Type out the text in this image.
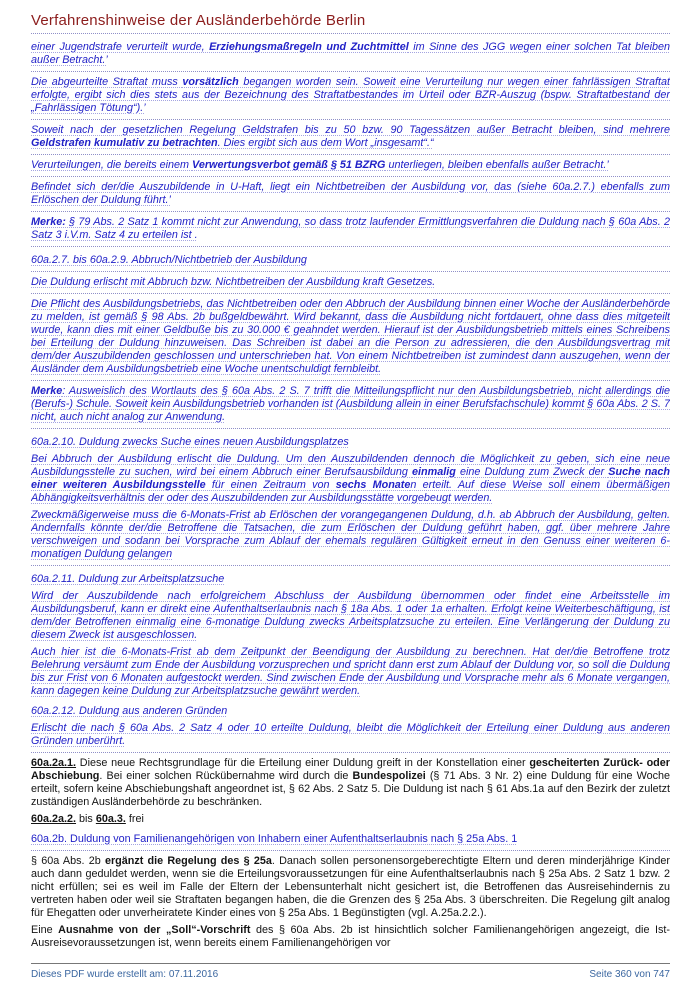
Verfahrenshinweise der Ausländerbehörde Berlin

einer Jugendstrafe verurteilt wurde, Erziehungsmaßregeln und Zuchtmittel im Sinne des JGG wegen einer solchen Tat bleiben außer Betracht.’

Die abgeurteilte Straftat muss vorsätzlich begangen worden sein. Soweit eine Verurteilung nur wegen einer fahrlässigen Straftat erfolgte, ergibt sich dies stets aus der Bezeichnung des Straftatbestandes im Urteil oder BZR-Auszug (bspw. Straftatbestand der „Fahrlässigen Tötung“).’

Soweit nach der gesetzlichen Regelung Geldstrafen bis zu 50 bzw. 90 Tagessätzen außer Betracht bleiben, sind mehrere Geldstrafen kumulativ zu betrachten. Dies ergibt sich aus dem Wort „insgesamt“.“

Verurteilungen, die bereits einem Verwertungsverbot gemäß § 51 BZRG unterliegen, bleiben ebenfalls außer Betracht.’

Befindet sich der/die Auszubildende in U-Haft, liegt ein Nichtbetreiben der Ausbildung vor, das (siehe 60a.2.7.) ebenfalls zum Erlöschen der Duldung führt.’

Merke: § 79 Abs. 2 Satz 1 kommt nicht zur Anwendung, so dass trotz laufender Ermittlungsverfahren die Duldung nach § 60a Abs. 2 Satz 3 i.V.m. Satz 4 zu erteilen ist .

60a.2.7. bis 60a.2.9. Abbruch/Nichtbetrieb der Ausbildung

Die Duldung erlischt mit Abbruch bzw. Nichtbetreiben der Ausbildung kraft Gesetzes.

Die Pflicht des Ausbildungsbetriebs, das Nichtbetreiben oder den Abbruch der Ausbildung binnen einer Woche der Ausländerbehörde zu melden, ist gemäß § 98 Abs. 2b bußgeldbewährt. Wird bekannt, dass die Ausbildung nicht fortdauert, ohne dass dies mitgeteilt wurde, kann dies mit einer Geldbuße bis zu 30.000 € geahndet werden. Hierauf ist der Ausbildungsbetrieb mittels eines Schreibens bei Erteilung der Duldung hinzuweisen. Das Schreiben ist dabei an die Person zu adressieren, die den Ausbildungsvertrag mit dem/der Auszubildenden geschlossen und unterschrieben hat. Von einem Nichtbetreiben ist zumindest dann auszugehen, wenn der Ausländer dem Ausbildungsbetrieb eine Woche unentschuldigt fernbleibt.

Merke: Ausweislich des Wortlauts des § 60a Abs. 2 S. 7 trifft die Mitteilungspflicht nur den Ausbildungsbetrieb, nicht allerdings die (Berufs-) Schule. Soweit kein Ausbildungsbetrieb vorhanden ist (Ausbildung allein in einer Berufsfachschule) kommt § 60a Abs. 2 S. 7 nicht, auch nicht analog zur Anwendung.

60a.2.10. Duldung zwecks Suche eines neuen Ausbildungsplatzes

Bei Abbruch der Ausbildung erlischt die Duldung. Um den Auszubildenden dennoch die Möglichkeit zu geben, sich eine neue Ausbildungsstelle zu suchen, wird bei einem Abbruch einer Berufsausbildung einmalig eine Duldung zum Zweck der Suche nach einer weiteren Ausbildungsstelle für einen Zeitraum von sechs Monaten erteilt. Auf diese Weise soll einem übermäßigen Abhängigkeitsverhältnis der oder des Auszubildenden zur Ausbildungsstätte vorgebeugt werden.

Zweckmäßigerweise muss die 6-Monats-Frist ab Erlöschen der vorangegangenen Duldung, d.h. ab Abbruch der Ausbildung, gelten. Andernfalls könnte der/die Betroffene die Tatsachen, die zum Erlöschen der Duldung geführt haben, ggf. über mehrere Jahre verschweigen und sodann bei Vorsprache zum Ablauf der ehemals regulären Gültigkeit erneut in den Genuss einer weiteren 6-monatigen Duldung gelangen

60a.2.11. Duldung zur Arbeitsplatzsuche

Wird der Auszubildende nach erfolgreichem Abschluss der Ausbildung übernommen oder findet eine Arbeitsstelle im Ausbildungsberuf, kann er direkt eine Aufenthaltserlaubnis nach § 18a Abs. 1 oder 1a erhalten. Erfolgt keine Weiterbeschäftigung, ist dem/der Betroffenen einmalig eine 6-monatige Duldung zwecks Arbeitsplatzsuche zu erteilen. Eine Verlängerung der Duldung zu diesem Zweck ist ausgeschlossen.

Auch hier ist die 6-Monats-Frist ab dem Zeitpunkt der Beendigung der Ausbildung zu berechnen. Hat der/die Betroffene trotz Belehrung versäumt zum Ende der Ausbildung vorzusprechen und spricht dann erst zum Ablauf der Duldung vor, so soll die Duldung bis zur Frist von 6 Monaten aufgestockt werden. Sind zwischen Ende der Ausbildung und Vorsprache mehr als 6 Monate vergangen, kann dagegen keine Duldung zur Arbeitsplatzsuche gewährt werden.

60a.2.12. Duldung aus anderen Gründen

Erlischt die nach § 60a Abs. 2 Satz 4 oder 10 erteilte Duldung, bleibt die Möglichkeit der Erteilung einer Duldung aus anderen Gründen unberührt.

60a.2a.1. Diese neue Rechtsgrundlage für die Erteilung einer Duldung greift in der Konstellation einer gescheiterten Zurück- oder Abschiebung. Bei einer solchen Rückübernahme wird durch die Bundespolizei (§ 71 Abs. 3 Nr. 2) eine Duldung für eine Woche erteilt, sofern keine Abschiebungshaft angeordnet ist, § 62 Abs. 2 Satz 5. Die Duldung ist nach § 61 Abs.1a auf den Bezirk der zuletzt zuständigen Ausländerbehörde zu beschränken.

60a.2a.2. bis 60a.3. frei

60a.2b. Duldung von Familienangehörigen von Inhabern einer Aufenthaltserlaubnis nach § 25a Abs. 1

§ 60a Abs. 2b ergänzt die Regelung des § 25a. Danach sollen personensorgeberechtigte Eltern und deren minderjährige Kinder auch dann geduldet werden, wenn sie die Erteilungsvoraussetzungen für eine Aufenthaltserlaubnis nach § 25a Abs. 2 Satz 1 bzw. 2 nicht erfüllen; sei es weil im Falle der Eltern der Lebensunterhalt nicht gesichert ist, die Betroffenen das Ausreisehindernis zu vertreten haben oder weil sie Straftaten begangen haben, die die Grenzen des § 25a Abs. 3 überschreiten. Die Regelung gilt analog für Ehegatten oder unverheiratete Kinder eines von § 25a Abs. 1 Begünstigten (vgl. A.25a.2.2.).

Eine Ausnahme von der „Soll“-Vorschrift des § 60a Abs. 2b ist hinsichtlich solcher Familienangehörigen angezeigt, die Ist- Ausreisevoraussetzungen ist, wenn bereits einem Familienangehörigen vor

Dieses PDF wurde erstellt am: 07.11.2016	Seite 360 von 747
